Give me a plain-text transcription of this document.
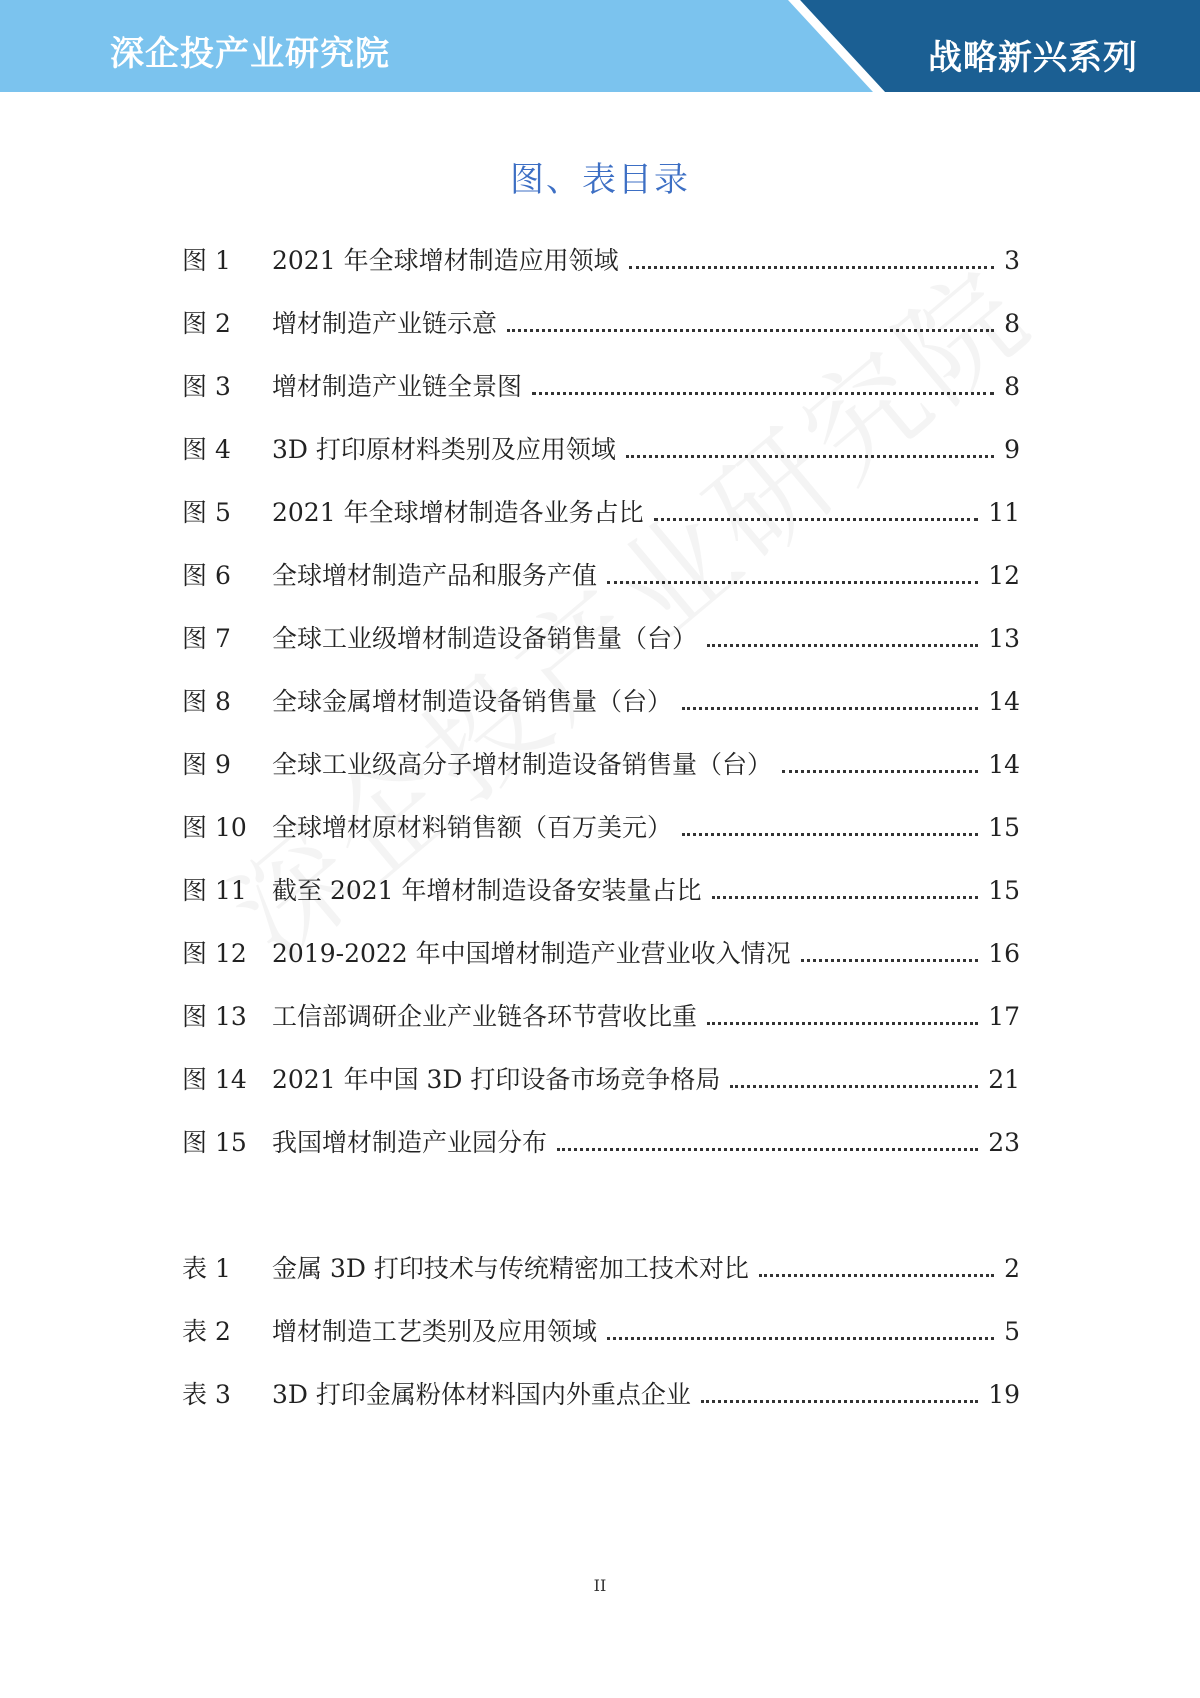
深企投产业研究院	战略新兴系列
图、表目录
图 1	2021 年全球增材制造应用领域	3
图 2	增材制造产业链示意	8
图 3	增材制造产业链全景图	8
图 4	3D 打印原材料类别及应用领域	9
图 5	2021 年全球增材制造各业务占比	11
图 6	全球增材制造产品和服务产值	12
图 7	全球工业级增材制造设备销售量（台）	13
图 8	全球金属增材制造设备销售量（台）	14
图 9	全球工业级高分子增材制造设备销售量（台）	14
图 10	全球增材原材料销售额（百万美元）	15
图 11	截至 2021 年增材制造设备安装量占比	15
图 12	2019-2022 年中国增材制造产业营业收入情况	16
图 13	工信部调研企业产业链各环节营收比重	17
图 14	2021 年中国 3D 打印设备市场竞争格局	21
图 15	我国增材制造产业园分布	23
表 1	金属 3D 打印技术与传统精密加工技术对比	2
表 2	增材制造工艺类别及应用领域	5
表 3	3D 打印金属粉体材料国内外重点企业	19
II
